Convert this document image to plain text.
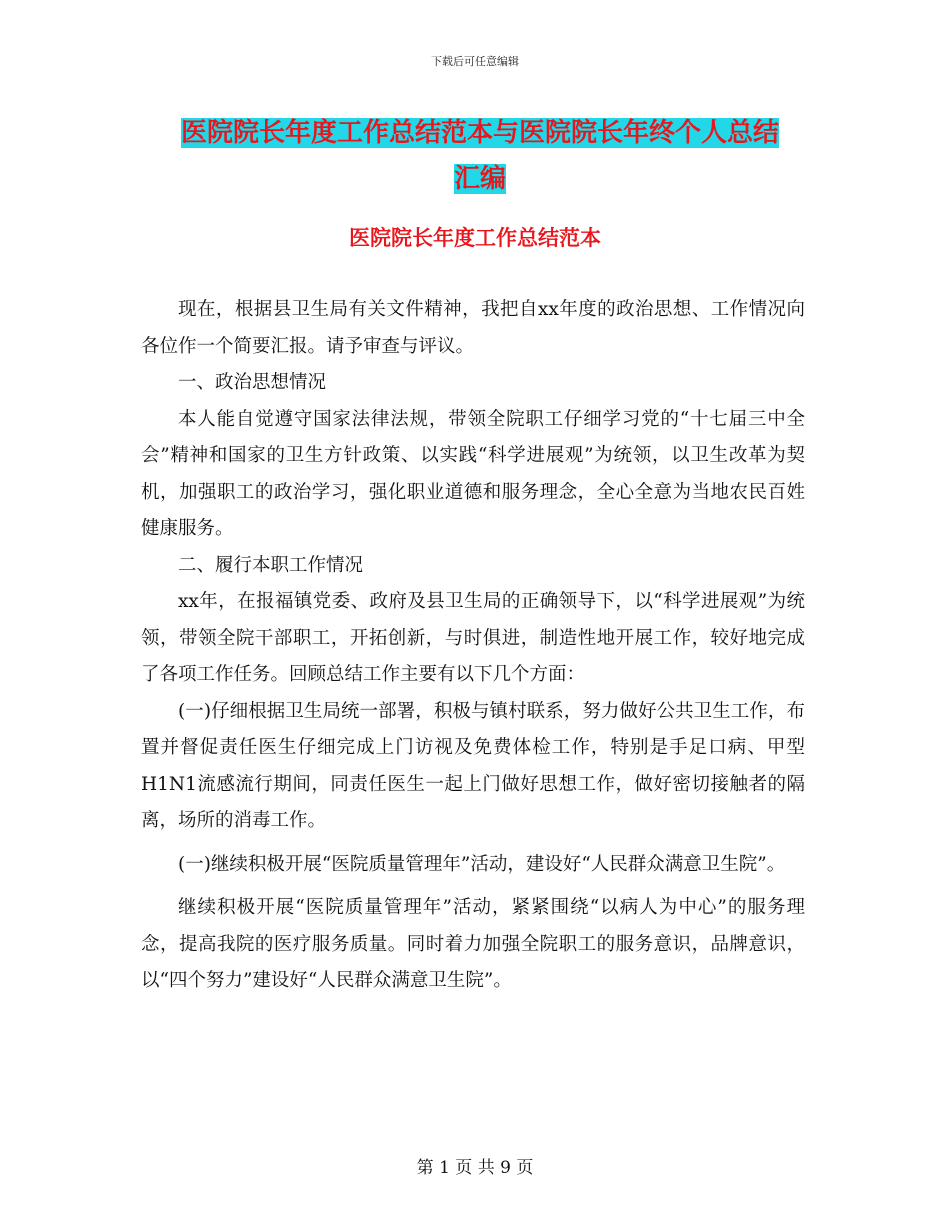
下载后可任意编辑
医院院长年度工作总结范本与医院院长年终个人总结
汇编
医院院长年度工作总结范本

现在，根据县卫生局有关文件精神，我把自xx年度的政治思想、工作情况向各位作一个简要汇报。请予审查与评议。

一、政治思想情况

本人能自觉遵守国家法律法规，带领全院职工仔细学习党的“十七届三中全会”精神和国家的卫生方针政策、以实践“科学进展观”为统领，以卫生改革为契机，加强职工的政治学习，强化职业道德和服务理念，全心全意为当地农民百姓健康服务。

二、履行本职工作情况

xx年，在报福镇党委、政府及县卫生局的正确领导下，以“科学进展观”为统领，带领全院干部职工，开拓创新，与时俱进，制造性地开展工作，较好地完成了各项工作任务。回顾总结工作主要有以下几个方面：

(一)仔细根据卫生局统一部署，积极与镇村联系，努力做好公共卫生工作，布置并督促责任医生仔细完成上门访视及免费体检工作，特别是手足口病、甲型H1N1流感流行期间，同责任医生一起上门做好思想工作，做好密切接触者的隔离，场所的消毒工作。

(一)继续积极开展“医院质量管理年”活动，建设好“人民群众满意卫生院”。

继续积极开展“医院质量管理年”活动，紧紧围绕“以病人为中心”的服务理念，提高我院的医疗服务质量。同时着力加强全院职工的服务意识，品牌意识，以“四个努力”建设好“人民群众满意卫生院”。

第 1 页 共 9 页
